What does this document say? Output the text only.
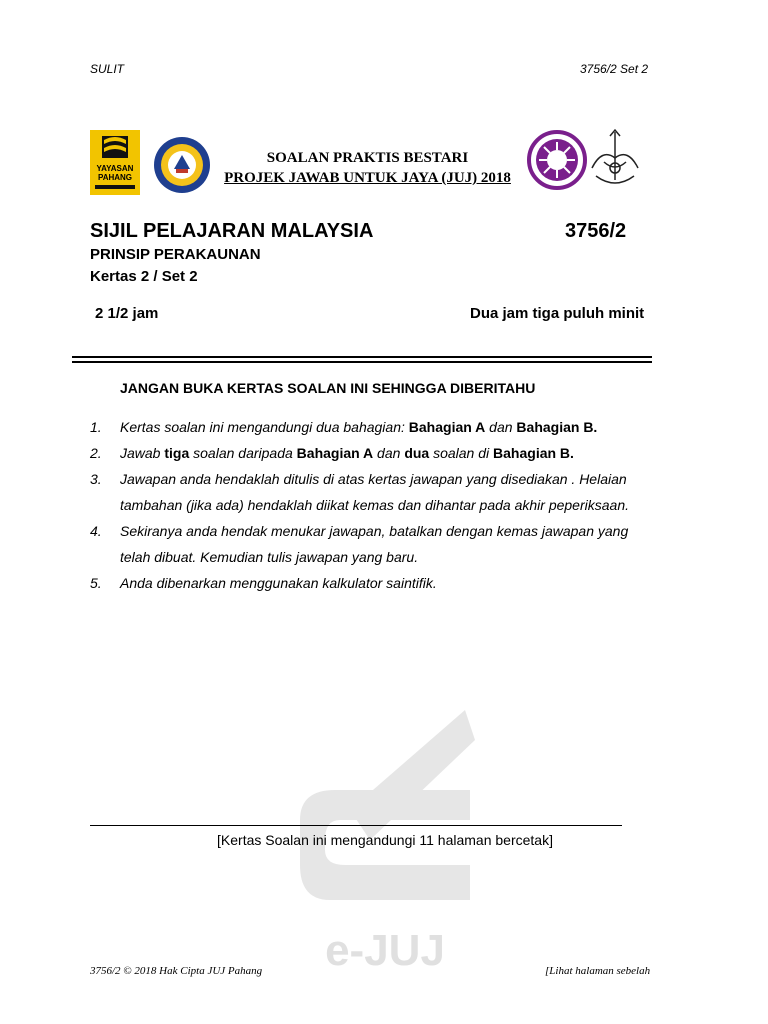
SULIT	3756/2 Set 2
YAYASAN
PAHANG
SOALAN PRAKTIS BESTARI
PROJEK JAWAB UNTUK JAYA (JUJ) 2018
SIJIL PELAJARAN MALAYSIA	3756/2
PRINSIP PERAKAUNAN
Kertas 2 / Set 2
2 1/2 jam	Dua jam tiga puluh minit
JANGAN BUKA KERTAS SOALAN INI SEHINGGA DIBERITAHU
1.	Kertas soalan ini mengandungi dua bahagian: Bahagian A dan Bahagian B.
2.	Jawab tiga soalan daripada Bahagian A dan dua soalan di Bahagian B.
3.	Jawapan anda hendaklah ditulis di atas kertas jawapan yang disediakan . Helaian
tambahan (jika ada) hendaklah diikat kemas dan dihantar pada akhir peperiksaan.
4.	Sekiranya anda hendak menukar jawapan, batalkan dengan kemas jawapan yang
telah dibuat. Kemudian tulis jawapan yang baru.
5.	Anda dibenarkan menggunakan kalkulator saintifik.
e-JUJ
[Kertas Soalan ini mengandungi 11 halaman bercetak]
3756/2 © 2018 Hak Cipta JUJ Pahang	[Lihat halaman sebelah
